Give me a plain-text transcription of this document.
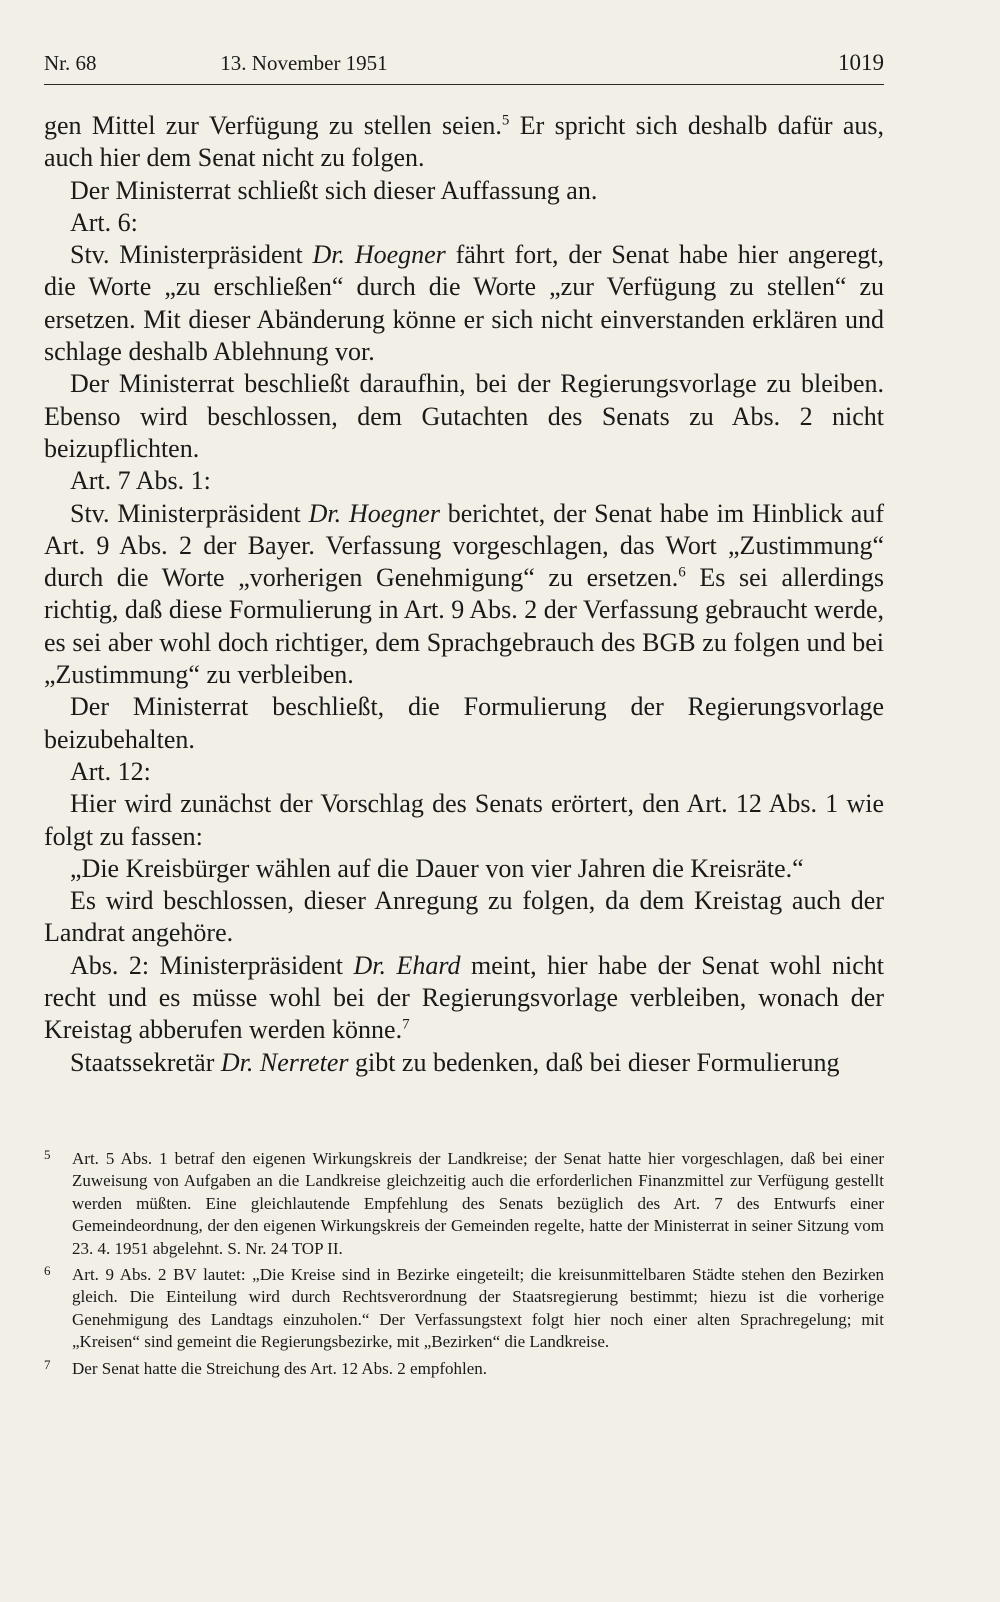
Nr. 68	13. November 1951	1019

gen Mittel zur Verfügung zu stellen seien.$^5$ Er spricht sich deshalb dafür aus, auch hier dem Senat nicht zu folgen.

Der Ministerrat schließt sich dieser Auffassung an.

Art. 6:

Stv. Ministerpräsident Dr. Hoegner fährt fort, der Senat habe hier angeregt, die Worte „zu erschließen“ durch die Worte „zur Verfügung zu stellen“ zu ersetzen. Mit dieser Abänderung könne er sich nicht einverstanden erklären und schlage deshalb Ablehnung vor.

Der Ministerrat beschließt daraufhin, bei der Regierungsvorlage zu bleiben. Ebenso wird beschlossen, dem Gutachten des Senats zu Abs. 2 nicht beizupflichten.

Art. 7 Abs. 1:

Stv. Ministerpräsident Dr. Hoegner berichtet, der Senat habe im Hinblick auf Art. 9 Abs. 2 der Bayer. Verfassung vorgeschlagen, das Wort „Zustimmung“ durch die Worte „vorherigen Genehmigung“ zu ersetzen.$^6$ Es sei allerdings richtig, daß diese Formulierung in Art. 9 Abs. 2 der Verfassung gebraucht werde, es sei aber wohl doch richtiger, dem Sprachgebrauch des BGB zu folgen und bei „Zustimmung“ zu verbleiben.

Der Ministerrat beschließt, die Formulierung der Regierungsvorlage beizubehalten.

Art. 12:

Hier wird zunächst der Vorschlag des Senats erörtert, den Art. 12 Abs. 1 wie folgt zu fassen:

„Die Kreisbürger wählen auf die Dauer von vier Jahren die Kreisräte.“

Es wird beschlossen, dieser Anregung zu folgen, da dem Kreistag auch der Landrat angehöre.

Abs. 2: Ministerpräsident Dr. Ehard meint, hier habe der Senat wohl nicht recht und es müsse wohl bei der Regierungsvorlage verbleiben, wonach der Kreistag abberufen werden könne.$^7$

Staatssekretär Dr. Nerreter gibt zu bedenken, daß bei dieser Formulierung

5 Art. 5 Abs. 1 betraf den eigenen Wirkungskreis der Landkreise; der Senat hatte hier vorgeschlagen, daß bei einer Zuweisung von Aufgaben an die Landkreise gleichzeitig auch die erforderlichen Finanzmittel zur Verfügung gestellt werden müßten. Eine gleichlautende Empfehlung des Senats bezüglich des Art. 7 des Entwurfs einer Gemeindeordnung, der den eigenen Wirkungskreis der Gemeinden regelte, hatte der Ministerrat in seiner Sitzung vom 23. 4. 1951 abgelehnt. S. Nr. 24 TOP II.
6 Art. 9 Abs. 2 BV lautet: „Die Kreise sind in Bezirke eingeteilt; die kreisunmittelbaren Städte stehen den Bezirken gleich. Die Einteilung wird durch Rechtsverordnung der Staatsregierung bestimmt; hiezu ist die vorherige Genehmigung des Landtags einzuholen.“ Der Verfassungstext folgt hier noch einer alten Sprachregelung; mit „Kreisen“ sind gemeint die Regierungsbezirke, mit „Bezirken“ die Landkreise.
7 Der Senat hatte die Streichung des Art. 12 Abs. 2 empfohlen.
